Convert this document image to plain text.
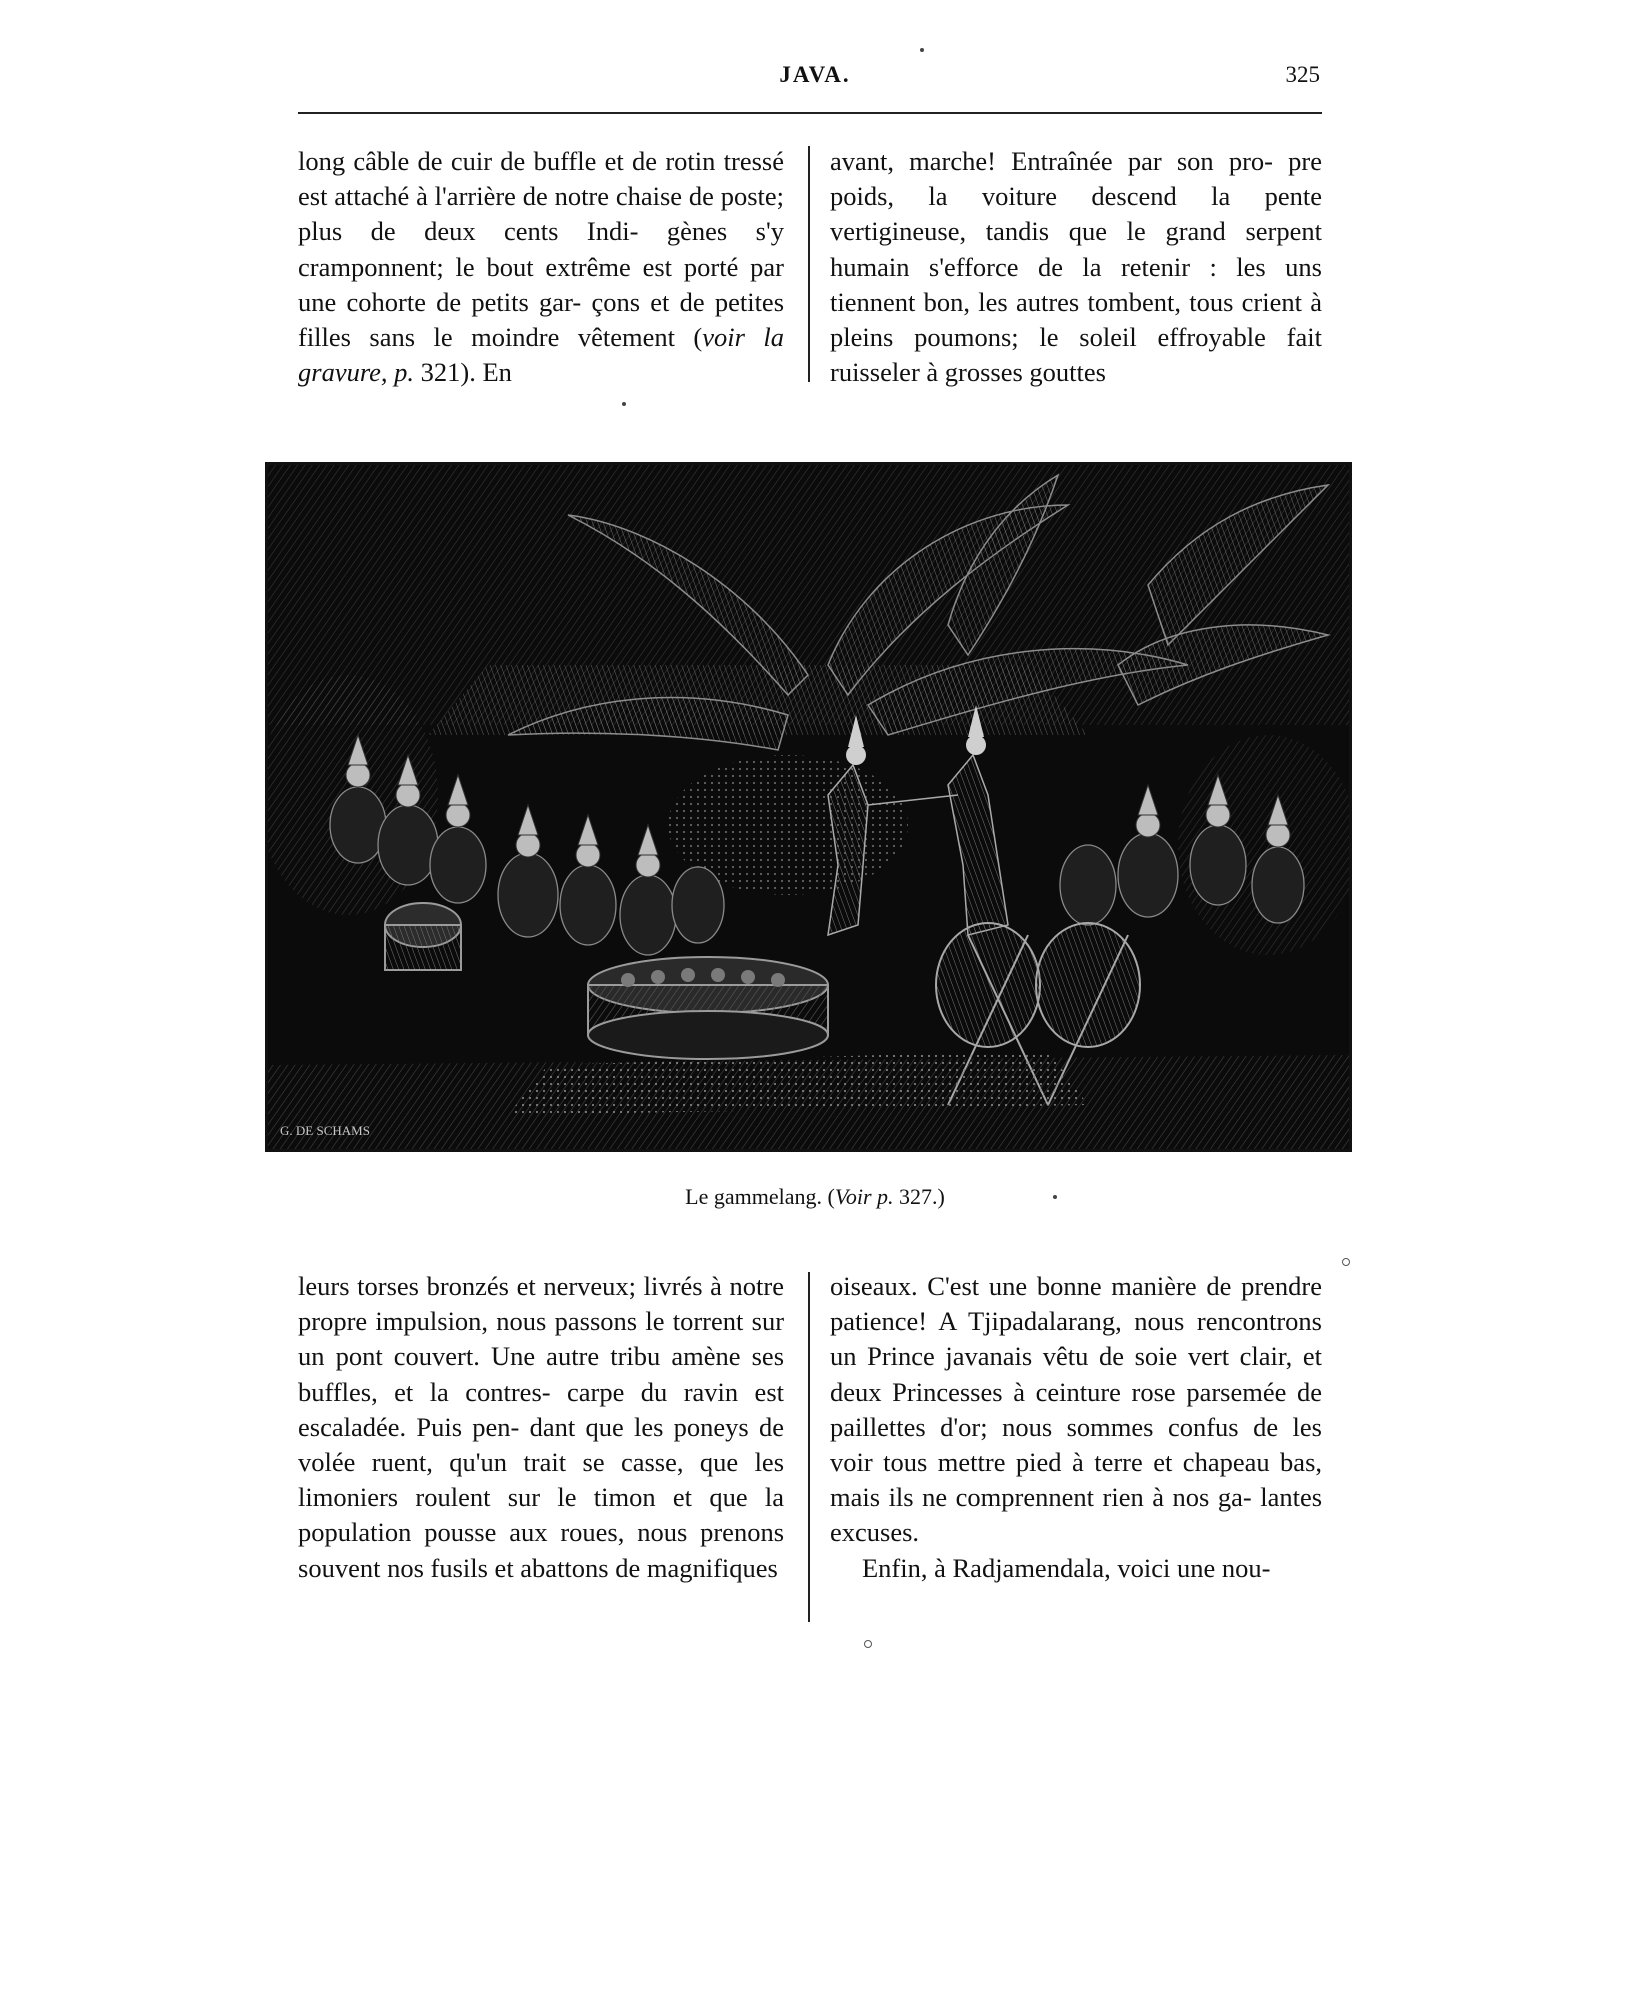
JAVA.	325

long câble de cuir de buffle et de rotin tressé est attaché à l'arrière de notre chaise de poste; plus de deux cents Indi- gènes s'y cramponnent; le bout extrême est porté par une cohorte de petits gar- çons et de petites filles sans le moindre vêtement (voir la gravure, p. 321). En

avant, marche! Entraînée par son pro- pre poids, la voiture descend la pente vertigineuse, tandis que le grand serpent humain s'efforce de la retenir : les uns tiennent bon, les autres tombent, tous crient à pleins poumons; le soleil effroyable fait ruisseler à grosses gouttes

G. DE SCHAMS
Le gammelang. (Voir p. 327.)

leurs torses bronzés et nerveux; livrés à notre propre impulsion, nous passons le torrent sur un pont couvert. Une autre tribu amène ses buffles, et la contres- carpe du ravin est escaladée. Puis pen- dant que les poneys de volée ruent, qu'un trait se casse, que les limoniers roulent sur le timon et que la population pousse aux roues, nous prenons souvent nos fusils et abattons de magnifiques

oiseaux. C'est une bonne manière de prendre patience! A Tjipadalarang, nous rencontrons un Prince javanais vêtu de soie vert clair, et deux Princesses à ceinture rose parsemée de paillettes d'or; nous sommes confus de les voir tous mettre pied à terre et chapeau bas, mais ils ne comprennent rien à nos ga- lantes excuses.

Enfin, à Radjamendala, voici une nou-
